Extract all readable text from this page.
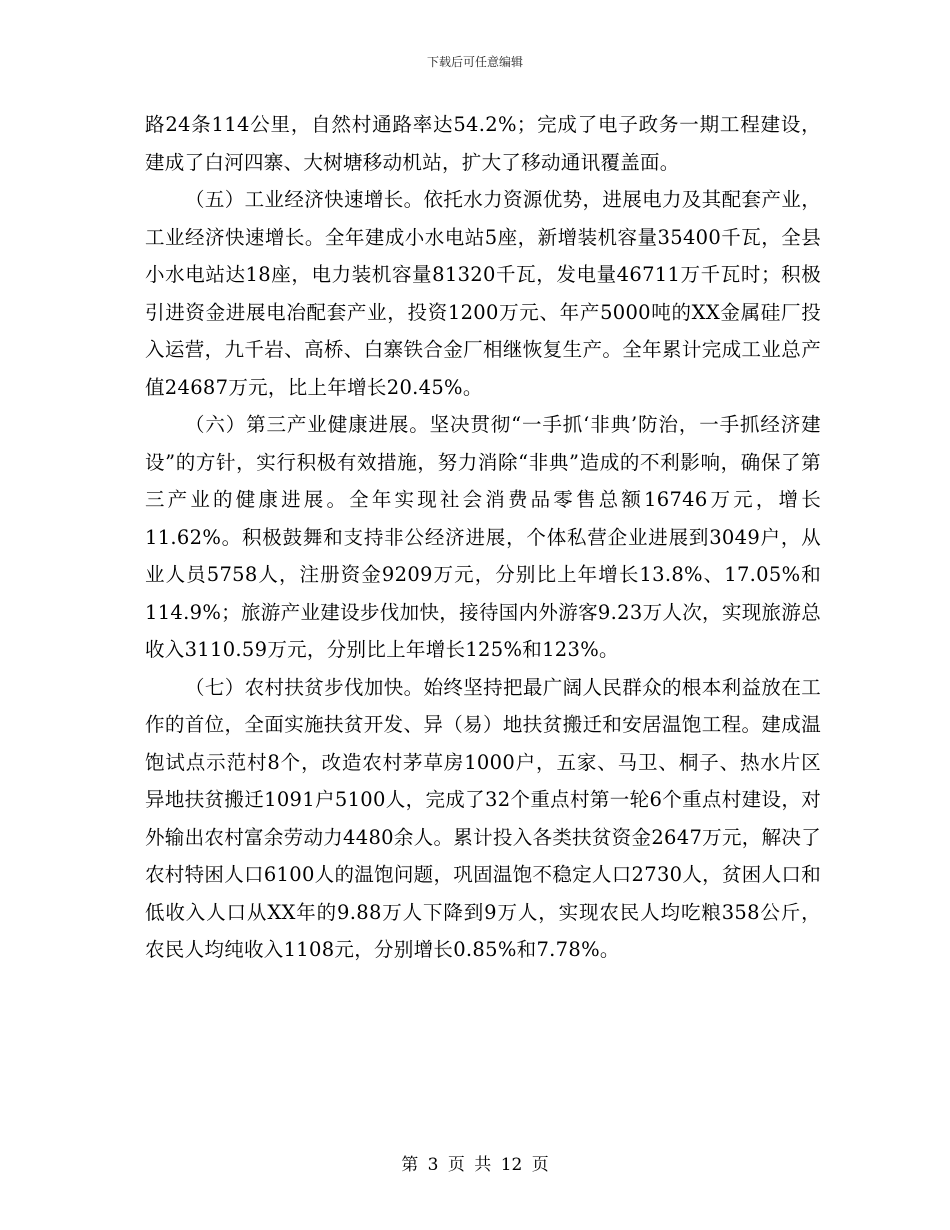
下载后可任意编辑

路24条114公里，自然村通路率达54.2%；完成了电子政务一期工程建设，建成了白河四寨、大树塘移动机站，扩大了移动通讯覆盖面。

（五）工业经济快速增长。依托水力资源优势，进展电力及其配套产业，工业经济快速增长。全年建成小水电站5座，新增装机容量35400千瓦，全县小水电站达18座，电力装机容量81320千瓦，发电量46711万千瓦时；积极引进资金进展电冶配套产业，投资1200万元、年产5000吨的XX金属硅厂投入运营，九千岩、高桥、白寨铁合金厂相继恢复生产。全年累计完成工业总产值24687万元，比上年增长20.45%。

（六）第三产业健康进展。坚决贯彻“一手抓‘非典’防治，一手抓经济建设”的方针，实行积极有效措施，努力消除“非典”造成的不利影响，确保了第三产业的健康进展。全年实现社会消费品零售总额16746万元，增长11.62%。积极鼓舞和支持非公经济进展，个体私营企业进展到3049户，从业人员5758人，注册资金9209万元，分别比上年增长13.8%、17.05%和114.9%；旅游产业建设步伐加快，接待国内外游客9.23万人次，实现旅游总收入3110.59万元，分别比上年增长125%和123%。

（七）农村扶贫步伐加快。始终坚持把最广阔人民群众的根本利益放在工作的首位，全面实施扶贫开发、异（易）地扶贫搬迁和安居温饱工程。建成温饱试点示范村8个，改造农村茅草房1000户，五家、马卫、桐子、热水片区异地扶贫搬迁1091户5100人，完成了32个重点村第一轮6个重点村建设，对外输出农村富余劳动力4480余人。累计投入各类扶贫资金2647万元，解决了农村特困人口6100人的温饱问题，巩固温饱不稳定人口2730人，贫困人口和低收入人口从XX年的9.88万人下降到9万人，实现农民人均吃粮358公斤，农民人均纯收入1108元，分别增长0.85%和7.78%。

第 3 页 共 12 页
